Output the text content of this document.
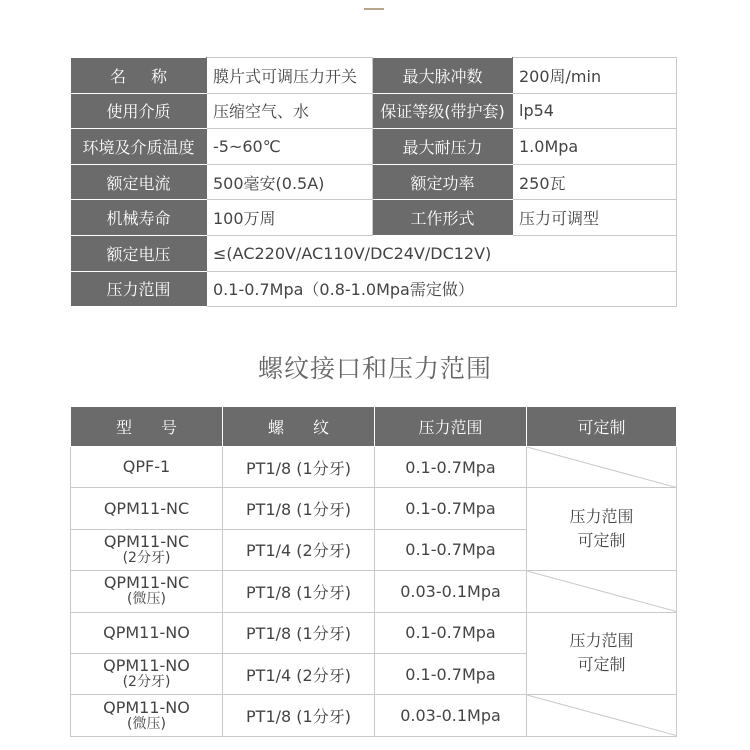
名 称	膜片式可调压力开关	最大脉冲数	200周/min
使用介质	压缩空气、水	保证等级(带护套)	lp54
环境及介质温度	-5~60℃	最大耐压力	1.0Mpa
额定电流	500毫安(0.5A)	额定功率	250瓦
机械寿命	100万周	工作形式	压力可调型
额定电压	≤(AC220V/AC110V/DC24V/DC12V)		
压力范围	0.1-0.7Mpa（0.8-1.0Mpa需定做）		
螺纹接口和压力范围
型 号	螺 纹	压力范围	可定制
QPF-1	PT1/8 (1分牙)	0.1-0.7Mpa	

QPM11-NC	PT1/8 (1分牙)	0.1-0.7Mpa	压力范围
可定制
QPM11-NC
(2分牙)	PT1/4 (2分牙)	0.1-0.7Mpa	
QPM11-NC
(微压)	PT1/8 (1分牙)	0.03-0.1Mpa	

QPM11-NO	PT1/8 (1分牙)	0.1-0.7Mpa	压力范围
可定制
QPM11-NO
(2分牙)	PT1/4 (2分牙)	0.1-0.7Mpa	
QPM11-NO
(微压)	PT1/8 (1分牙)	0.03-0.1Mpa	
